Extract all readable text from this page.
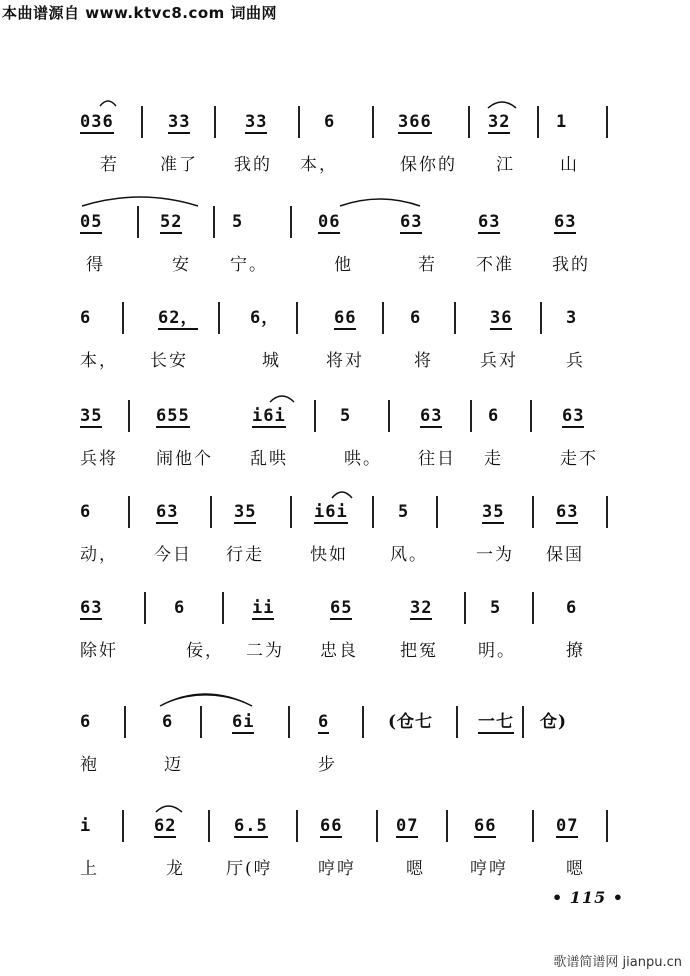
本曲谱源自 www.ktvc8.com 词曲网
036	33	33	6	366	32	1
若 准了 我的 本，	保你的 江	山
05	52	5	06	63	63	63
得	安 宁。	他	若 不准 我的
6	62，	6，	66	6	36	3
本， 长安	城	将对	将	兵对	兵
35	655	i6i	5	63	6	63
兵将 闹他个 乱哄	哄。 往日 走	走不
6	63	35	i6i	5	35	63
动， 今日 行走	快如 风。	一为 保国
63	6	ii	65	32	5	6
除奸	佞， 二为 忠良 把冤 明。	撩
6	6	6i	6	(仓七	一七 仓)
袍	迈	步
i	62	6.5	66	07	66	07
上	龙 厅(哼	哼哼	嗯	哼哼	嗯
• 115 •
歌谱简谱网 jianpu.cn
